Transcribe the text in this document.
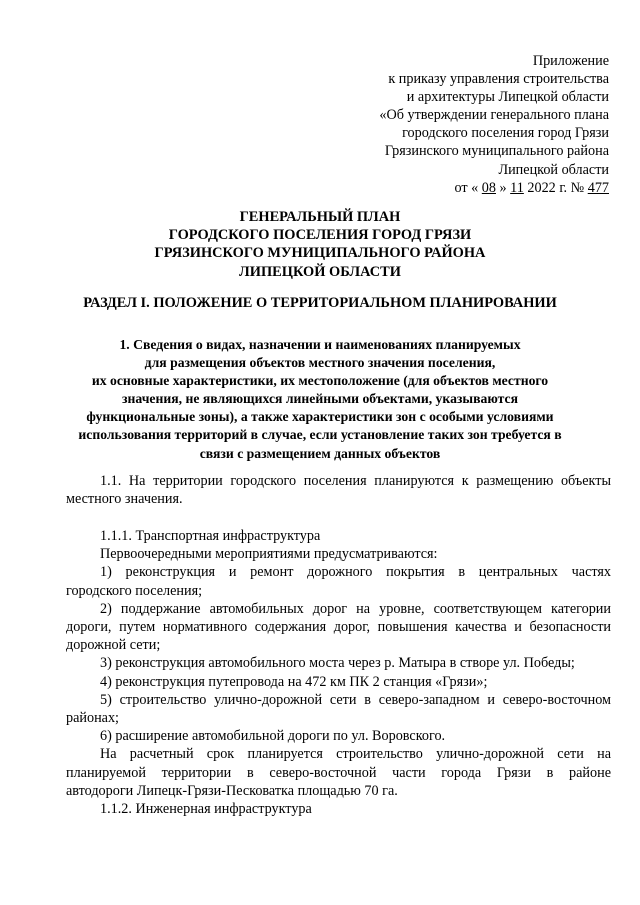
Приложение
к приказу управления строительства
и архитектуры Липецкой области
«Об утверждении генерального плана
городского поселения город Грязи
Грязинского муниципального района
Липецкой области
от « 08 » 11 2022 г. № 477
ГЕНЕРАЛЬНЫЙ ПЛАН
ГОРОДСКОГО ПОСЕЛЕНИЯ ГОРОД ГРЯЗИ
ГРЯЗИНСКОГО МУНИЦИПАЛЬНОГО РАЙОНА
ЛИПЕЦКОЙ ОБЛАСТИ
РАЗДЕЛ I. ПОЛОЖЕНИЕ О ТЕРРИТОРИАЛЬНОМ ПЛАНИРОВАНИИ
1. Сведения о видах, назначении и наименованиях планируемых
для размещения объектов местного значения поселения,
их основные характеристики, их местоположение (для объектов местного
значения, не являющихся линейными объектами, указываются
функциональные зоны), а также характеристики зон с особыми условиями
использования территорий в случае, если установление таких зон требуется в
связи с размещением данных объектов
1.1. На территории городского поселения планируются к размещению объекты
местного значения.
1.1.1. Транспортная инфраструктура
Первоочередными мероприятиями предусматриваются:
1) реконструкция и ремонт дорожного покрытия в центральных частях
городского поселения;
2) поддержание автомобильных дорог на уровне, соответствующем категории
дороги, путем нормативного содержания дорог, повышения качества и безопасности
дорожной сети;
3) реконструкция автомобильного моста через р. Матыра в створе ул. Победы;
4) реконструкция путепровода на 472 км ПК 2 станция «Грязи»;
5) строительство улично-дорожной сети в северо-западном и северо-восточном
районах;
6) расширение автомобильной дороги по ул. Воровского.
На расчетный срок планируется строительство улично-дорожной сети на
планируемой территории в северо-восточной части города Грязи в районе
автодороги Липецк-Грязи-Песковатка площадью 70 га.
1.1.2. Инженерная инфраструктура
